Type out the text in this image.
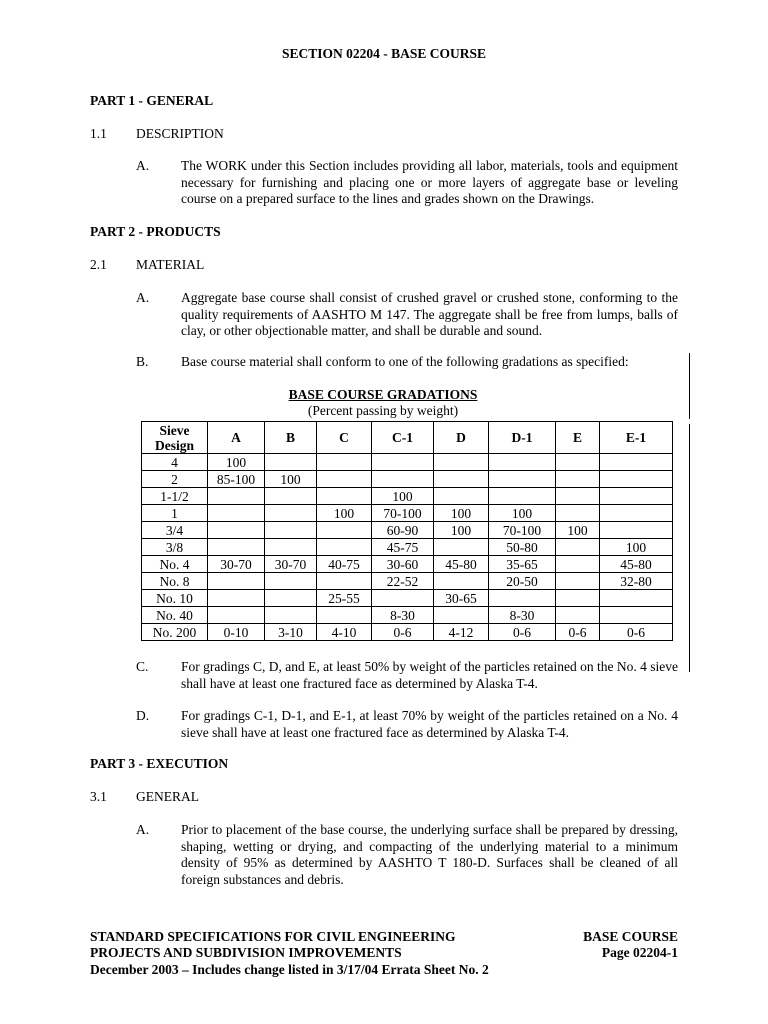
SECTION 02204 - BASE COURSE
PART 1 - GENERAL
1.1 DESCRIPTION
A. The WORK under this Section includes providing all labor, materials, tools and equipment necessary for furnishing and placing one or more layers of aggregate base or leveling course on a prepared surface to the lines and grades shown on the Drawings.
PART 2 - PRODUCTS
2.1 MATERIAL
A. Aggregate base course shall consist of crushed gravel or crushed stone, conforming to the quality requirements of AASHTO M 147. The aggregate shall be free from lumps, balls of clay, or other objectionable matter, and shall be durable and sound.
B. Base course material shall conform to one of the following gradations as specified:
BASE COURSE GRADATIONS
(Percent passing by weight)
Sieve Design	A	B	C	C-1	D	D-1	E	E-1
4	100							
2	85-100	100						
1-1/2				100				
1			100	70-100	100	100		
3/4				60-90	100	70-100	100	
3/8				45-75		50-80		100
No. 4	30-70	30-70	40-75	30-60	45-80	35-65		45-80
No. 8				22-52		20-50		32-80
No. 10			25-55		30-65			
No. 40				8-30		8-30		
No. 200	0-10	3-10	4-10	0-6	4-12	0-6	0-6	0-6
C. For gradings C, D, and E, at least 50% by weight of the particles retained on the No. 4 sieve shall have at least one fractured face as determined by Alaska T-4.
D. For gradings C-1, D-1, and E-1, at least 70% by weight of the particles retained on a No. 4 sieve shall have at least one fractured face as determined by Alaska T-4.
PART 3 - EXECUTION
3.1 GENERAL
A. Prior to placement of the base course, the underlying surface shall be prepared by dressing, shaping, wetting or drying, and compacting of the underlying material to a minimum density of 95% as determined by AASHTO T 180-D. Surfaces shall be cleaned of all foreign substances and debris.
STANDARD SPECIFICATIONS FOR CIVIL ENGINEERING
PROJECTS AND SUBDIVISION IMPROVEMENTS
December 2003 – Includes change listed in 3/17/04 Errata Sheet No. 2
BASE COURSE
Page 02204-1
